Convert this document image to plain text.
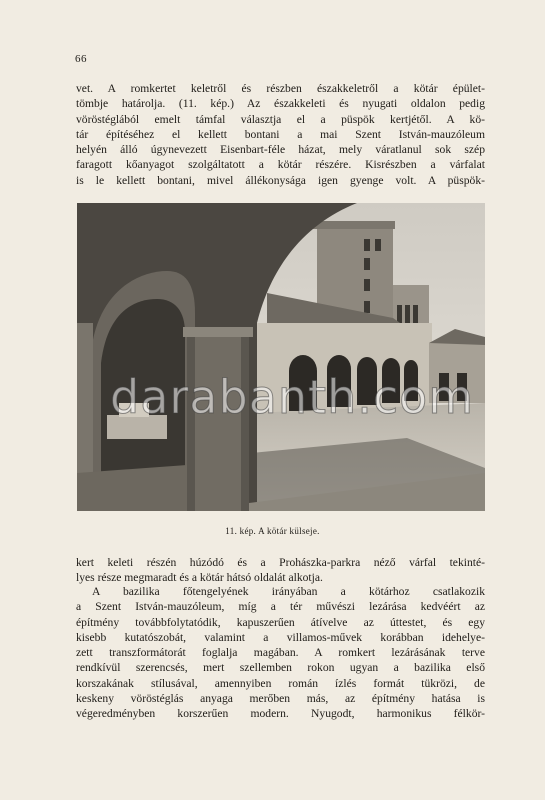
66
vet. A romkertet keletről és részben északkeletről a kötár épület-
tömbje határolja. (11. kép.) Az északkeleti és nyugati oldalon pedig
vöröstéglából emelt támfal választja el a püspök kertjétől. A kö-
tár építéséhez el kellett bontani a mai Szent István-mauzóleum
helyén álló úgynevezett Eisenbart-féle házat, mely váratlanul sok szép
faragott kőanyagot szolgáltatott a kötár részére. Kisrészben a várfalat
is le kellett bontani, mivel állékonysága igen gyenge volt. A püspök-
darabanth.com
11. kép. A kötár külseje.
kert keleti részén húzódó és a Prohászka-parkra néző várfal tekinté-
lyes része megmaradt és a kötár hátsó oldalát alkotja.
A bazilika főtengelyének irányában a kötárhoz csatlakozik
a Szent István-mauzóleum, míg a tér művészi lezárása kedvéért az
építmény továbbfolytatódik, kapuszerűen átívelve az úttestet, és egy
kisebb kutatószobát, valamint a villamos-művek korábban idehelye-
zett transzformátorát foglalja magában. A romkert lezárásának terve
rendkívül szerencsés, mert szellemben rokon ugyan a bazilika első
korszakának stílusával, amennyiben román ízlés formát tükrözi, de
keskeny vöröstéglás anyaga merőben más, az építmény hatása is
végeredményben korszerűen modern. Nyugodt, harmonikus félkör-
